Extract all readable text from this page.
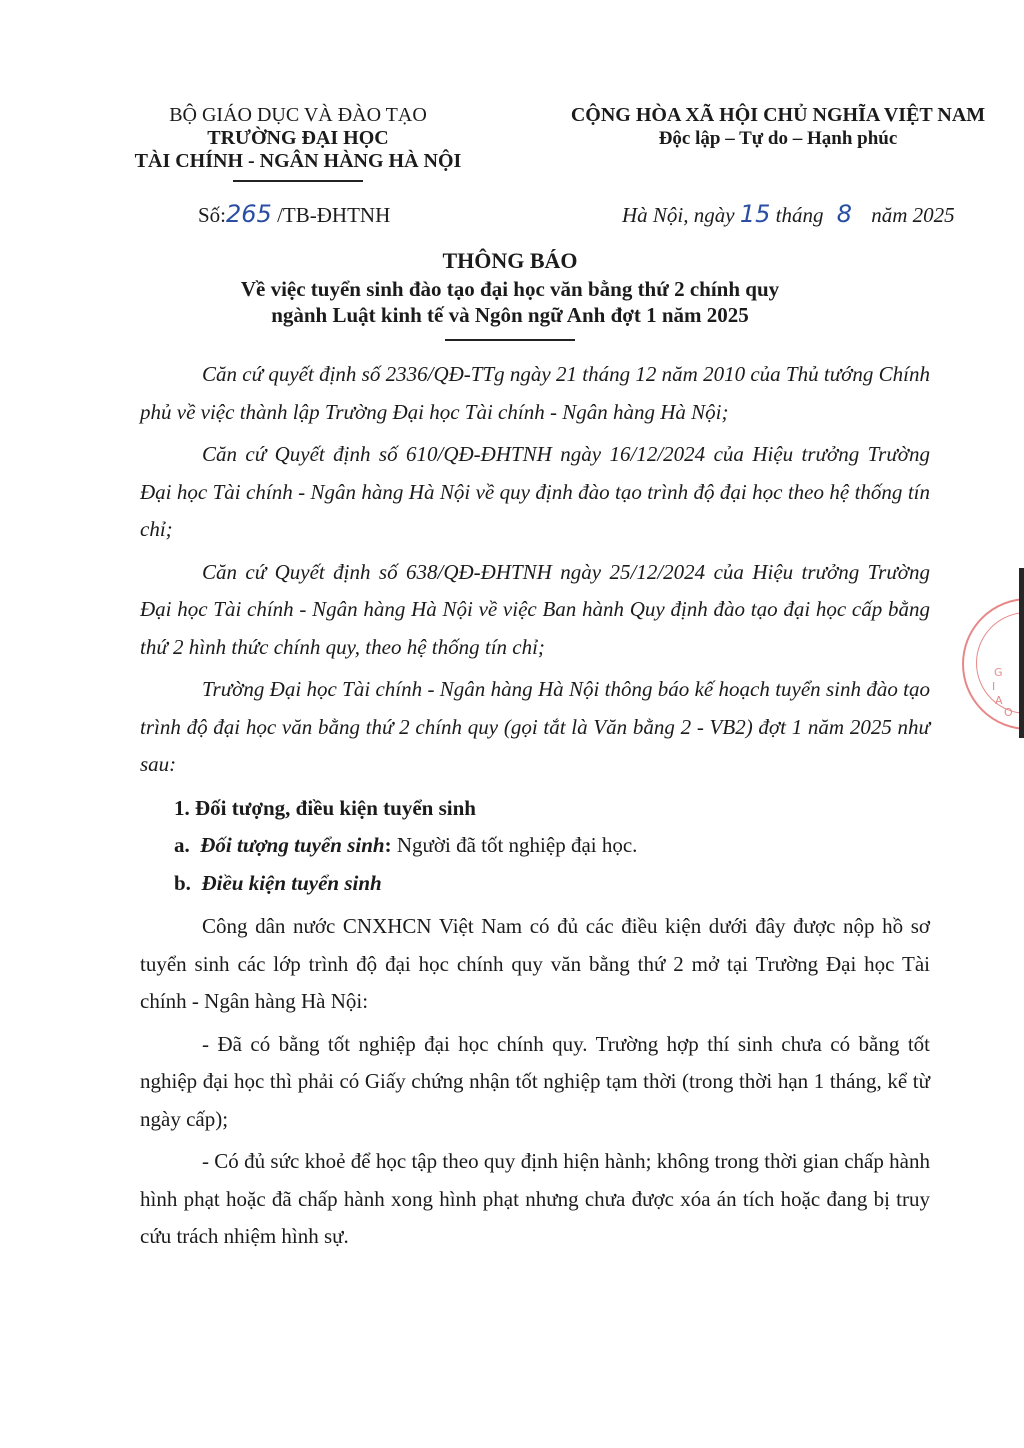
BỘ GIÁO DỤC VÀ ĐÀO TẠO
TRƯỜNG ĐẠI HỌC
TÀI CHÍNH - NGÂN HÀNG HÀ NỘI
CỘNG HÒA XÃ HỘI CHỦ NGHĨA VIỆT NAM
Độc lập – Tự do – Hạnh phúc
Số:265 /TB-ĐHTNH	Hà Nội, ngày 15 tháng 8 năm 2025
THÔNG BÁO
Về việc tuyển sinh đào tạo đại học văn bằng thứ 2 chính quy
ngành Luật kinh tế và Ngôn ngữ Anh đợt 1 năm 2025

Căn cứ quyết định số 2336/QĐ-TTg ngày 21 tháng 12 năm 2010 của Thủ tướng Chính phủ về việc thành lập Trường Đại học Tài chính - Ngân hàng Hà Nội;

Căn cứ Quyết định số 610/QĐ-ĐHTNH ngày 16/12/2024 của Hiệu trưởng Trường Đại học Tài chính - Ngân hàng Hà Nội về quy định đào tạo trình độ đại học theo hệ thống tín chỉ;

Căn cứ Quyết định số 638/QĐ-ĐHTNH ngày 25/12/2024 của Hiệu trưởng Trường Đại học Tài chính - Ngân hàng Hà Nội về việc Ban hành Quy định đào tạo đại học cấp bằng thứ 2 hình thức chính quy, theo hệ thống tín chỉ;

Trường Đại học Tài chính - Ngân hàng Hà Nội thông báo kế hoạch tuyển sinh đào tạo trình độ đại học văn bằng thứ 2 chính quy (gọi tắt là Văn bằng 2 - VB2) đợt 1 năm 2025 như sau:

1. Đối tượng, điều kiện tuyển sinh
a. Đối tượng tuyển sinh: Người đã tốt nghiệp đại học.
b. Điều kiện tuyển sinh

Công dân nước CNXHCN Việt Nam có đủ các điều kiện dưới đây được nộp hồ sơ tuyển sinh các lớp trình độ đại học chính quy văn bằng thứ 2 mở tại Trường Đại học Tài chính - Ngân hàng Hà Nội:

- Đã có bằng tốt nghiệp đại học chính quy. Trường hợp thí sinh chưa có bằng tốt nghiệp đại học thì phải có Giấy chứng nhận tốt nghiệp tạm thời (trong thời hạn 1 tháng, kể từ ngày cấp);

- Có đủ sức khoẻ để học tập theo quy định hiện hành; không trong thời gian chấp hành hình phạt hoặc đã chấp hành xong hình phạt nhưng chưa được xóa án tích hoặc đang bị truy cứu trách nhiệm hình sự.

G
I
A
O
